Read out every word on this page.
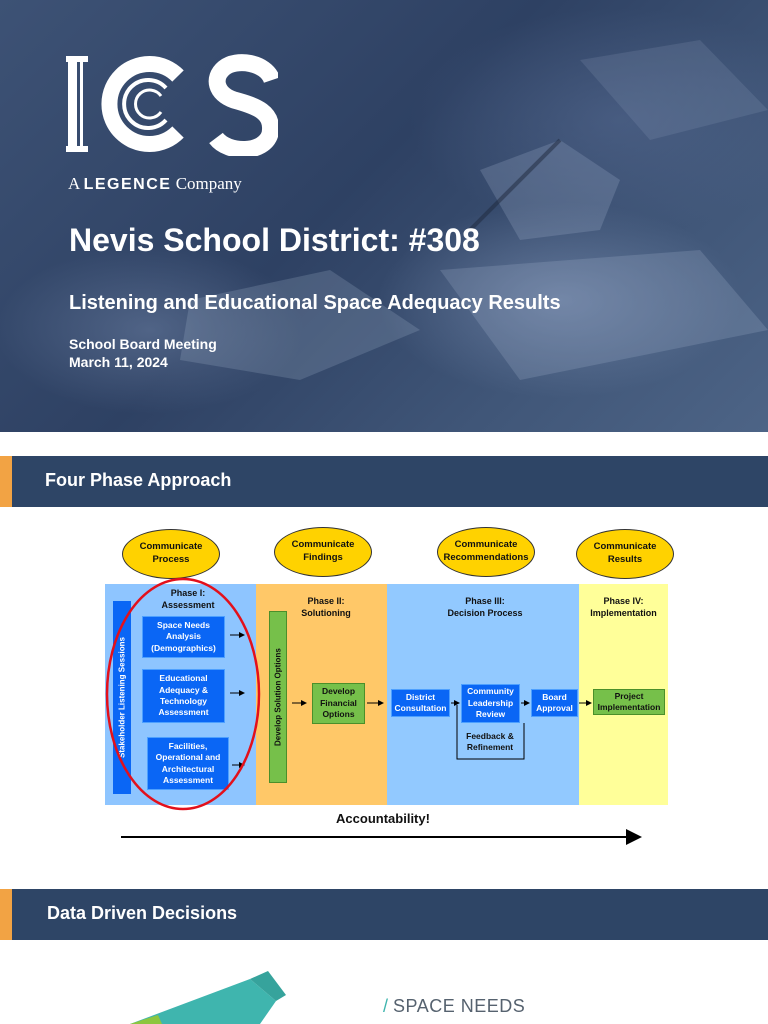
A LEGENCE Company
Nevis School District: #308
Listening and Educational Space Adequacy Results
School Board Meeting
March 11, 2024
Four Phase Approach
Communicate Process
Communicate Findings
Communicate Recommendations
Communicate Results
Phase I:
Assessment	Phase II:
Solutioning
Phase III:
Decision Process
Phase IV:
Implementation
Stakeholder Listening Sessions
Space Needs Analysis (Demographics)
Educational Adequacy & Technology Assessment
Facilities, Operational and Architectural Assessment
Develop Solution Options	Develop Financial Options
District Consultation
Community Leadership Review
Feedback & Refinement
Board Approval
Project Implementation
Accountability!
Data Driven Decisions
/ SPACE NEEDS
